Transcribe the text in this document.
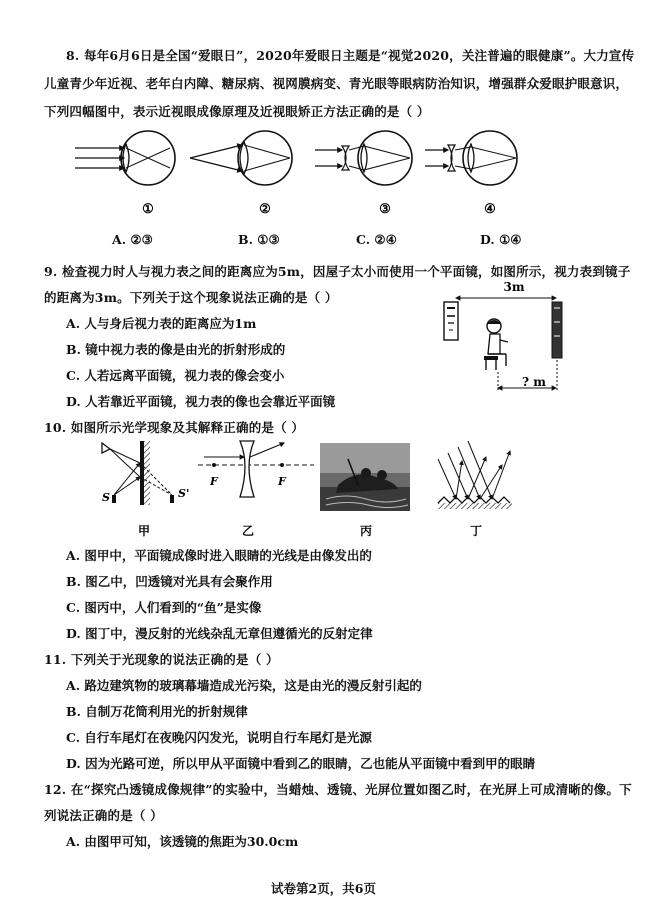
8. 每年6月6日是全国“爱眼日”，2020年爱眼日主题是“视觉2020，关注普遍的眼健康”。大力宣传
儿童青少年近视、老年白内障、糖尿病、视网膜病变、青光眼等眼病防治知识，增强群众爱眼护眼意识，
下列四幅图中，表示近视眼成像原理及近视眼矫正方法正确的是（ ）
①	②	③	④
A. ②③	B. ①③	C. ②④	D. ①④
9. 检查视力时人与视力表之间的距离应为5m，因屋子太小而使用一个平面镜，如图所示，视力表到镜子
的距离为3m。下列关于这个现象说法正确的是（ ）
3m
? m
A. 人与身后视力表的距离应为1m
B. 镜中视力表的像是由光的折射形成的
C. 人若远离平面镜，视力表的像会变小
D. 人若靠近平面镜，视力表的像也会靠近平面镜
10. 如图所示光学现象及其解释正确的是（ ）
S	S'
F	F
甲	乙	丙	丁
A. 图甲中，平面镜成像时进入眼睛的光线是由像发出的
B. 图乙中，凹透镜对光具有会聚作用
C. 图丙中，人们看到的“鱼”是实像
D. 图丁中，漫反射的光线杂乱无章但遵循光的反射定律
11. 下列关于光现象的说法正确的是（ ）
A. 路边建筑物的玻璃幕墙造成光污染，这是由光的漫反射引起的
B. 自制万花筒利用光的折射规律
C. 自行车尾灯在夜晚闪闪发光，说明自行车尾灯是光源
D. 因为光路可逆，所以甲从平面镜中看到乙的眼睛，乙也能从平面镜中看到甲的眼睛
12. 在“探究凸透镜成像规律”的实验中，当蜡烛、透镜、光屏位置如图乙时，在光屏上可成清晰的像。下
列说法正确的是（ ）
A. 由图甲可知，该透镜的焦距为30.0cm
试卷第2页，共6页
